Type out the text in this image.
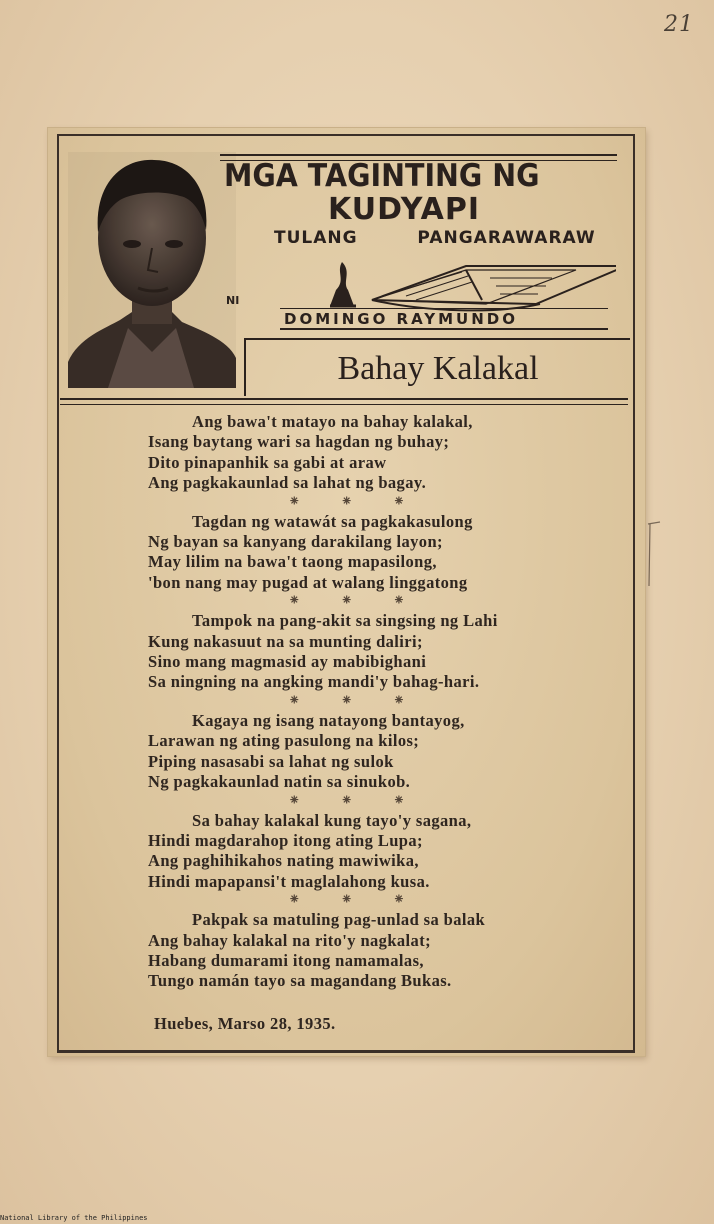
21
MGA TAGINTING NG
KUDYAPI
TULANG	PANGARAWARAW
NI
DOMINGO RAYMUNDO
Bahay Kalakal
Ang bawa't matayo na bahay kalakal,
Isang baytang wari sa hagdan ng buhay;
Dito pinapanhik sa gabi at araw
Ang pagkakaunlad sa lahat ng bagay.
⁕ ⁕ ⁕
Tagdan ng watawát sa pagkakasulong
Ng bayan sa kanyang darakilang layon;
May lilim na bawa't taong mapasilong,
'bon nang may pugad at walang linggatong
⁕ ⁕ ⁕
Tampok na pang-akit sa singsing ng Lahi
Kung nakasuut na sa munting daliri;
Sino mang magmasid ay mabibighani
Sa ningning na angking mandi'y bahag-hari.
⁕ ⁕ ⁕
Kagaya ng isang natayong bantayog,
Larawan ng ating pasulong na kilos;
Piping nasasabi sa lahat ng sulok
Ng pagkakaunlad natin sa sinukob.
⁕ ⁕ ⁕
Sa bahay kalakal kung tayo'y sagana,
Hindi magdarahop itong ating Lupa;
Ang paghihikahos nating mawiwika,
Hindi mapapansi't maglalahong kusa.
⁕ ⁕ ⁕
Pakpak sa matuling pag-unlad sa balak
Ang bahay kalakal na rito'y nagkalat;
Habang dumarami itong namamalas,
Tungo namán tayo sa magandang Bukas.
Huebes, Marso 28, 1935.
National Library of the Philippines
